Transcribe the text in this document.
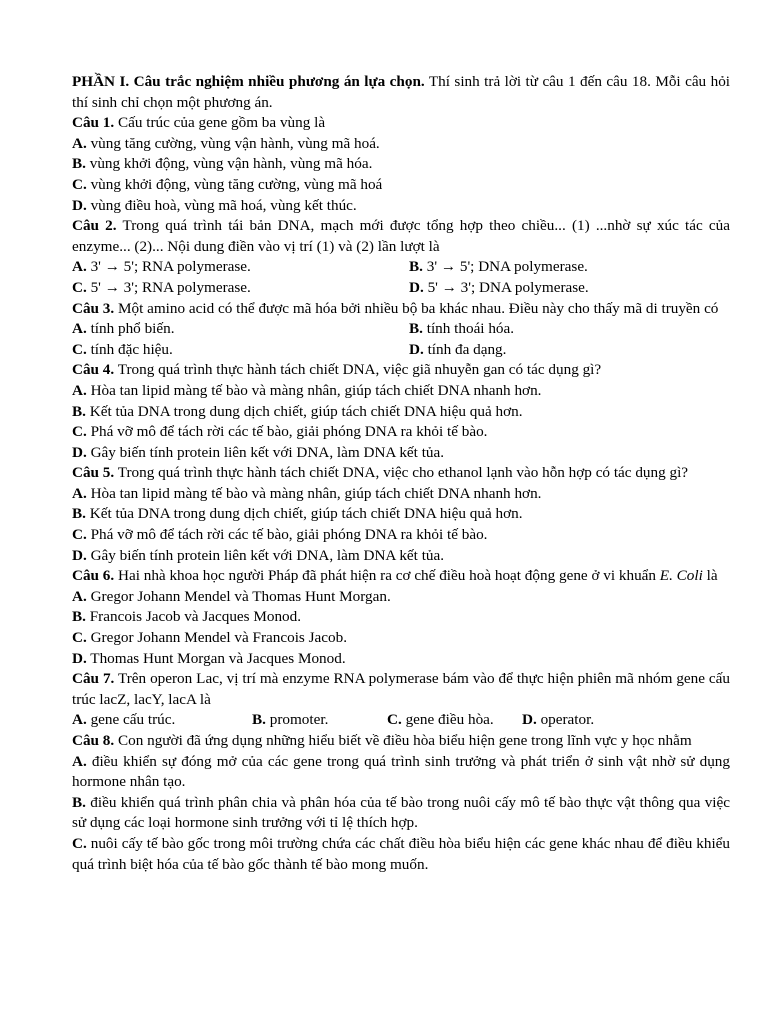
PHẦN I. Câu trắc nghiệm nhiều phương án lựa chọn. Thí sinh trả lời từ câu 1 đến câu 18. Mỗi câu hỏi thí sinh chỉ chọn một phương án.

Câu 1. Cấu trúc của gene gồm ba vùng là

A. vùng tăng cường, vùng vận hành, vùng mã hoá.

B. vùng khởi động, vùng vận hành, vùng mã hóa.

C. vùng khởi động, vùng tăng cường, vùng mã hoá

D. vùng điều hoà, vùng mã hoá, vùng kết thúc.

Câu 2. Trong quá trình tái bản DNA, mạch mới được tổng hợp theo chiều... (1) ...nhờ sự xúc tác của enzyme... (2)... Nội dung điền vào vị trí (1) và (2) lần lượt là

A. 3' → 5'; RNA polymerase.	B. 3' → 5'; DNA polymerase.
C. 5' → 3'; RNA polymerase.	D. 5' → 3'; DNA polymerase.

Câu 3. Một amino acid có thể được mã hóa bởi nhiều bộ ba khác nhau. Điều này cho thấy mã di truyền có

A. tính phổ biến.	B. tính thoái hóa.
C. tính đặc hiệu.	D. tính đa dạng.

Câu 4. Trong quá trình thực hành tách chiết DNA, việc giã nhuyễn gan có tác dụng gì?

A. Hòa tan lipid màng tế bào và màng nhân, giúp tách chiết DNA nhanh hơn.

B. Kết tủa DNA trong dung dịch chiết, giúp tách chiết DNA hiệu quả hơn.

C. Phá vỡ mô để tách rời các tế bào, giải phóng DNA ra khỏi tế bào.

D. Gây biến tính protein liên kết với DNA, làm DNA kết tủa.

Câu 5. Trong quá trình thực hành tách chiết DNA, việc cho ethanol lạnh vào hỗn hợp có tác dụng gì?

A. Hòa tan lipid màng tế bào và màng nhân, giúp tách chiết DNA nhanh hơn.

B. Kết tủa DNA trong dung dịch chiết, giúp tách chiết DNA hiệu quả hơn.

C. Phá vỡ mô để tách rời các tế bào, giải phóng DNA ra khỏi tế bào.

D. Gây biến tính protein liên kết với DNA, làm DNA kết tủa.

Câu 6. Hai nhà khoa học người Pháp đã phát hiện ra cơ chế điều hoà hoạt động gene ở vi khuẩn E. Coli là

A. Gregor Johann Mendel và Thomas Hunt Morgan.

B. Francois Jacob và Jacques Monod.

C. Gregor Johann Mendel và Francois Jacob.

D. Thomas Hunt Morgan và Jacques Monod.

Câu 7. Trên operon Lac, vị trí mà enzyme RNA polymerase bám vào để thực hiện phiên mã nhóm gene cấu trúc lacZ, lacY, lacA là

A. gene cấu trúc.	B. promoter.	C. gene điều hòa.	D. operator.

Câu 8. Con người đã ứng dụng những hiểu biết về điều hòa biểu hiện gene trong lĩnh vực y học nhằm

A. điều khiển sự đóng mở của các gene trong quá trình sinh trưởng và phát triển ở sinh vật nhờ sử dụng hormone nhân tạo.

B. điều khiển quá trình phân chia và phân hóa của tế bào trong nuôi cấy mô tế bào thực vật thông qua việc sử dụng các loại hormone sinh trưởng với tỉ lệ thích hợp.

C. nuôi cấy tế bào gốc trong môi trường chứa các chất điều hòa biểu hiện các gene khác nhau để điều khiểu quá trình biệt hóa của tế bào gốc thành tế bào mong muốn.
